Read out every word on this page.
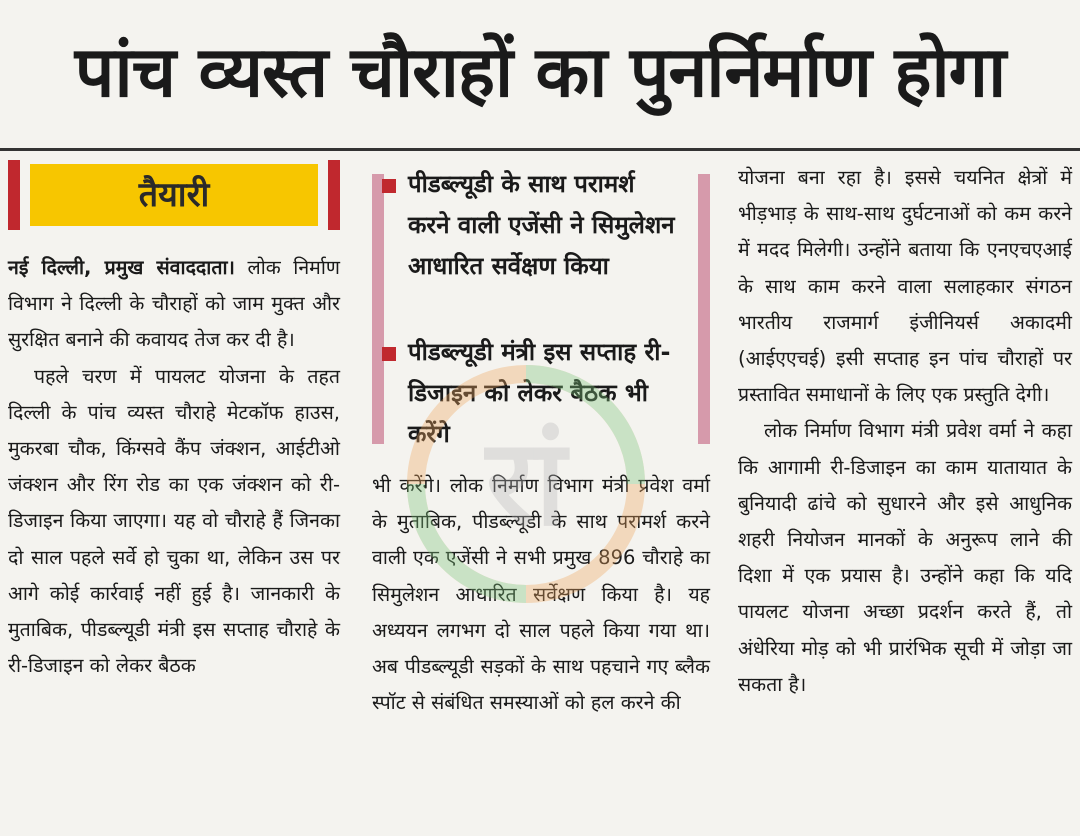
पांच व्यस्त चौराहों का पुनर्निर्माण होगा
तैयारी

नई दिल्ली, प्रमुख संवाददाता। लोक निर्माण विभाग ने दिल्ली के चौराहों को जाम मुक्त और सुरक्षित बनाने की कवायद तेज कर दी है।

पहले चरण में पायलट योजना के तहत दिल्ली के पांच व्यस्त चौराहे मेटकॉफ हाउस, मुकरबा चौक, किंग्सवे कैंप जंक्शन, आईटीओ जंक्शन और रिंग रोड का एक जंक्शन को री-डिजाइन किया जाएगा। यह वो चौराहे हैं जिनका दो साल पहले सर्वे हो चुका था, लेकिन उस पर आगे कोई कार्रवाई नहीं हुई है। जानकारी के मुताबिक, पीडब्ल्यूडी मंत्री इस सप्ताह चौराहे के री-डिजाइन को लेकर बैठक

पीडब्ल्यूडी के साथ परामर्श करने वाली एजेंसी ने सिमुलेशन आधारित सर्वेक्षण किया
पीडब्ल्यूडी मंत्री इस सप्ताह री-डिजाइन को लेकर बैठक भी करेंगे

भी करेंगे। लोक निर्माण विभाग मंत्री प्रवेश वर्मा के मुताबिक, पीडब्ल्यूडी के साथ परामर्श करने वाली एक एजेंसी ने सभी प्रमुख 896 चौराहे का सिमुलेशन आधारित सर्वेक्षण किया है। यह अध्ययन लगभग दो साल पहले किया गया था। अब पीडब्ल्यूडी सड़कों के साथ पहचाने गए ब्लैक स्पॉट से संबंधित समस्याओं को हल करने की

योजना बना रहा है। इससे चयनित क्षेत्रों में भीड़भाड़ के साथ-साथ दुर्घटनाओं को कम करने में मदद मिलेगी। उन्होंने बताया कि एनएचएआई के साथ काम करने वाला सलाहकार संगठन भारतीय राजमार्ग इंजीनियर्स अकादमी (आईएएचई) इसी सप्ताह इन पांच चौराहों पर प्रस्तावित समाधानों के लिए एक प्रस्तुति देगी।

लोक निर्माण विभाग मंत्री प्रवेश वर्मा ने कहा कि आगामी री-डिजाइन का काम यातायात के बुनियादी ढांचे को सुधारने और इसे आधुनिक शहरी नियोजन मानकों के अनुरूप लाने की दिशा में एक प्रयास है। उन्होंने कहा कि यदि पायलट योजना अच्छा प्रदर्शन करते हैं, तो अंधेरिया मोड़ को भी प्रारंभिक सूची में जोड़ा जा सकता है।

रां
